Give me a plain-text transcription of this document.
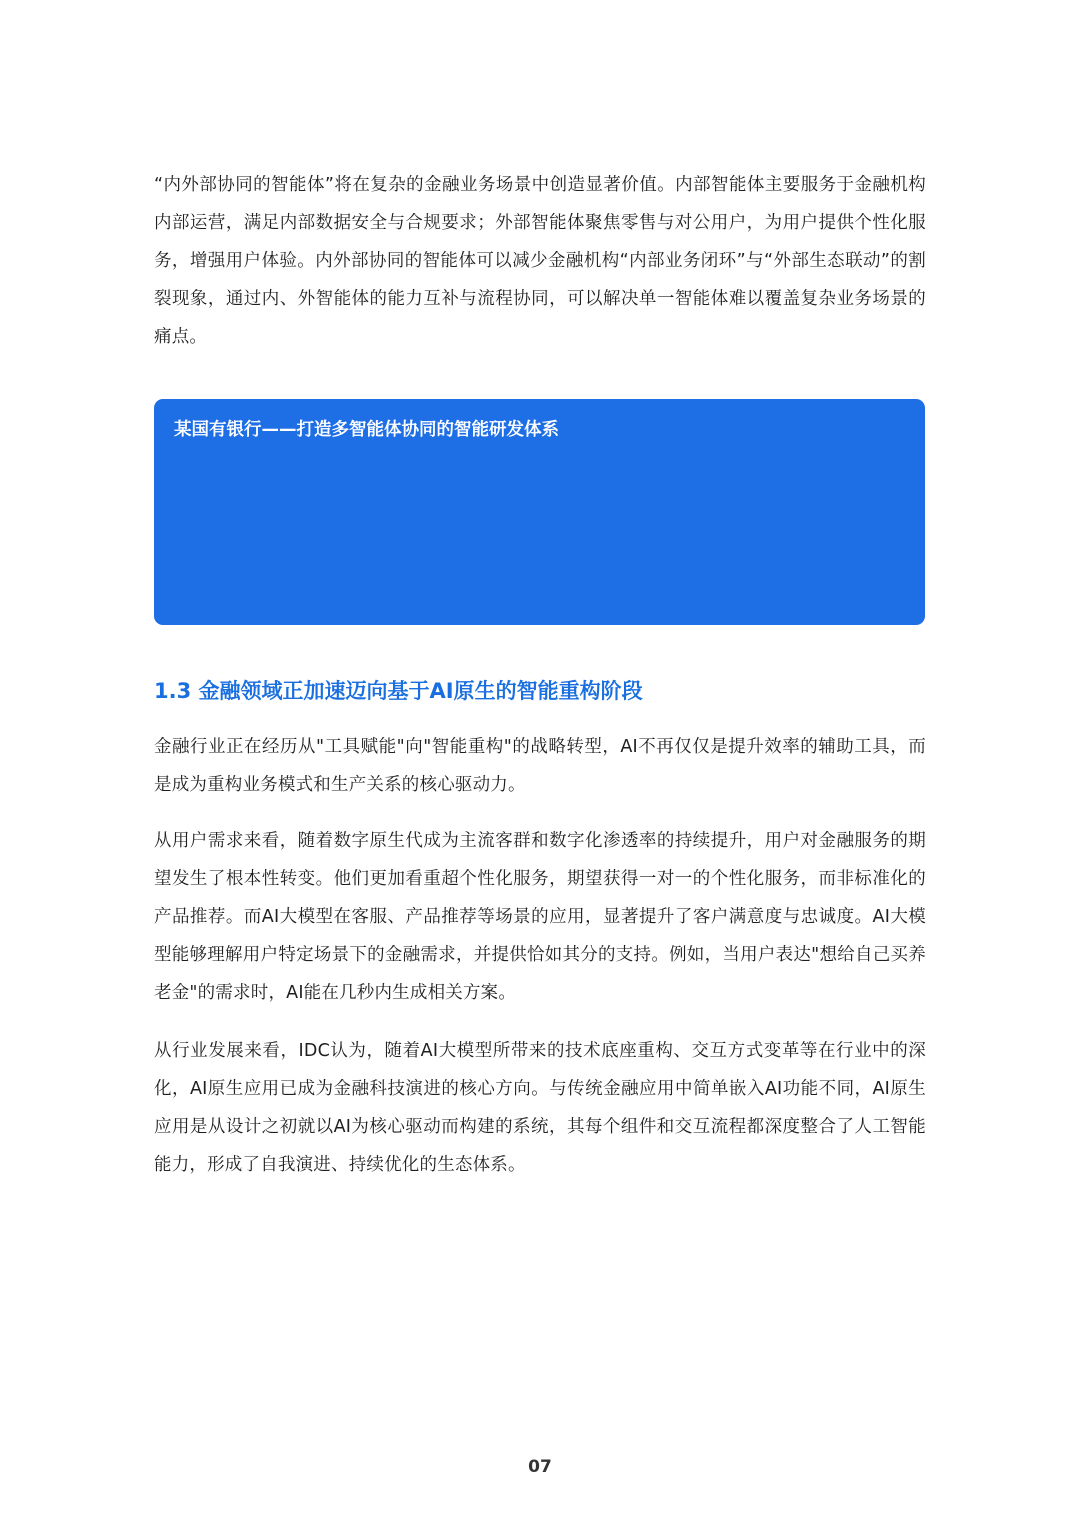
“内外部协同的智能体”将在复杂的金融业务场景中创造显著价值。内部智能体主要服务于金融机构内部运营，满足内部数据安全与合规要求；外部智能体聚焦零售与对公用户，为用户提供个性化服务，增强用户体验。内外部协同的智能体可以减少金融机构“内部业务闭环”与“外部生态联动”的割裂现象，通过内、外智能体的能力互补与流程协同，可以解决单一智能体难以覆盖复杂业务场景的痛点。

某国有银行——打造多智能体协同的智能研发体系

1.3 金融领域正加速迈向基于AI原生的智能重构阶段

金融行业正在经历从"工具赋能"向"智能重构"的战略转型，AI不再仅仅是提升效率的辅助工具，而是成为重构业务模式和生产关系的核心驱动力。

从用户需求来看，随着数字原生代成为主流客群和数字化渗透率的持续提升，用户对金融服务的期望发生了根本性转变。他们更加看重超个性化服务，期望获得一对一的个性化服务，而非标准化的产品推荐。而AI大模型在客服、产品推荐等场景的应用，显著提升了客户满意度与忠诚度。AI大模型能够理解用户特定场景下的金融需求，并提供恰如其分的支持。例如，当用户表达"想给自己买养老金"的需求时，AI能在几秒内生成相关方案。

从行业发展来看，IDC认为，随着AI大模型所带来的技术底座重构、交互方式变革等在行业中的深化，AI原生应用已成为金融科技演进的核心方向。与传统金融应用中简单嵌入AI功能不同，AI原生应用是从设计之初就以AI为核心驱动而构建的系统，其每个组件和交互流程都深度整合了人工智能能力，形成了自我演进、持续优化的生态体系。

07
